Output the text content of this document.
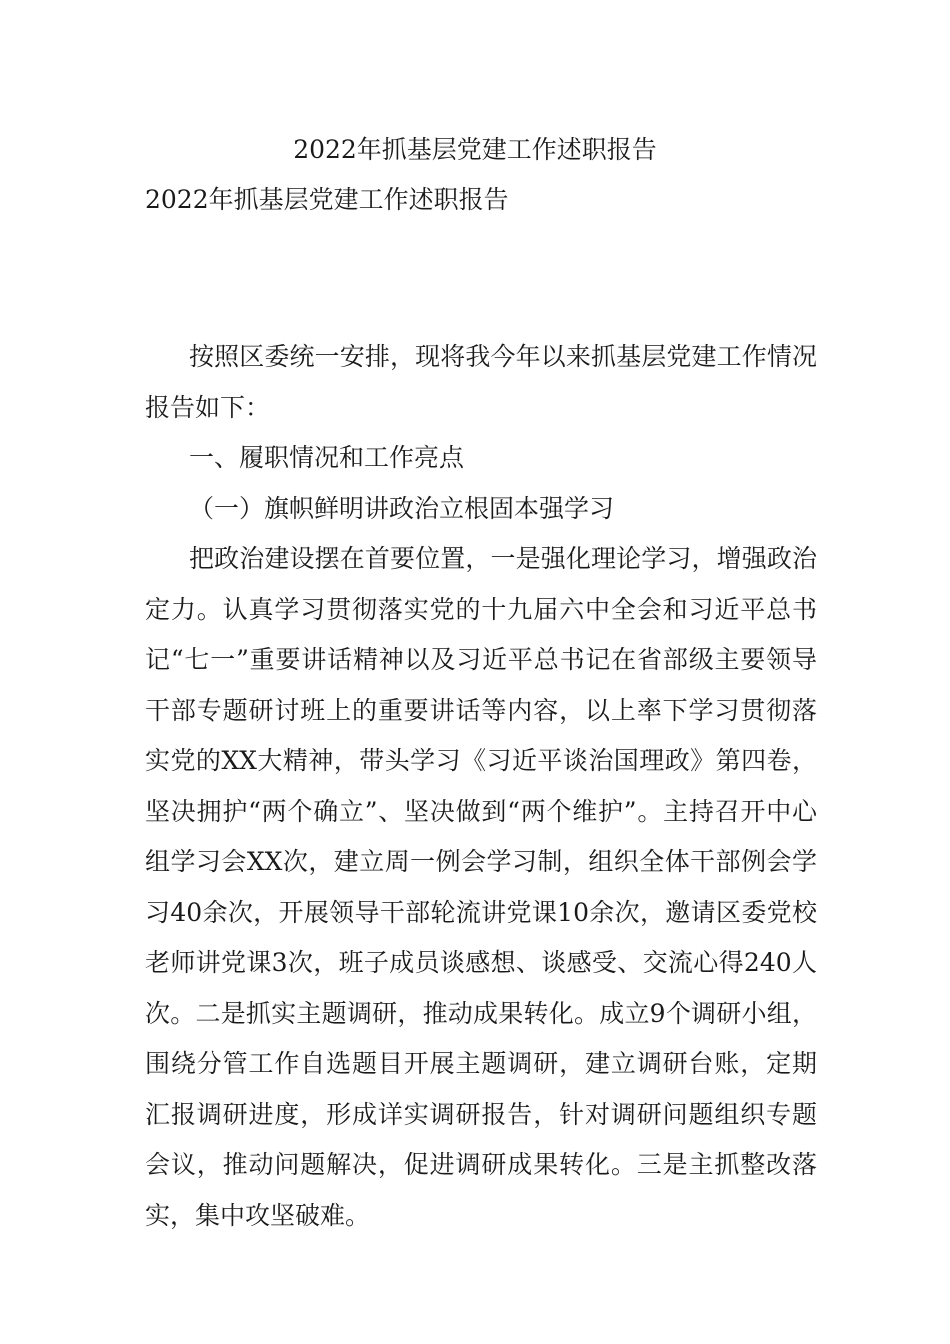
2022年抓基层党建工作述职报告
2022年抓基层党建工作述职报告

按照区委统一安排，现将我今年以来抓基层党建工作情况报告如下：

一、履职情况和工作亮点

（一）旗帜鲜明讲政治立根固本强学习

把政治建设摆在首要位置，一是强化理论学习，增强政治定力。认真学习贯彻落实党的十九届六中全会和习近平总书记“七一”重要讲话精神以及习近平总书记在省部级主要领导干部专题研讨班上的重要讲话等内容，以上率下学习贯彻落实党的XX大精神，带头学习《习近平谈治国理政》第四卷，坚决拥护“两个确立”、坚决做到“两个维护”。主持召开中心组学习会XX次，建立周一例会学习制，组织全体干部例会学习40余次，开展领导干部轮流讲党课10余次，邀请区委党校老师讲党课3次，班子成员谈感想、谈感受、交流心得240人次。二是抓实主题调研，推动成果转化。成立9个调研小组，围绕分管工作自选题目开展主题调研，建立调研台账，定期汇报调研进度，形成详实调研报告，针对调研问题组织专题会议，推动问题解决，促进调研成果转化。三是主抓整改落实，集中攻坚破难。
